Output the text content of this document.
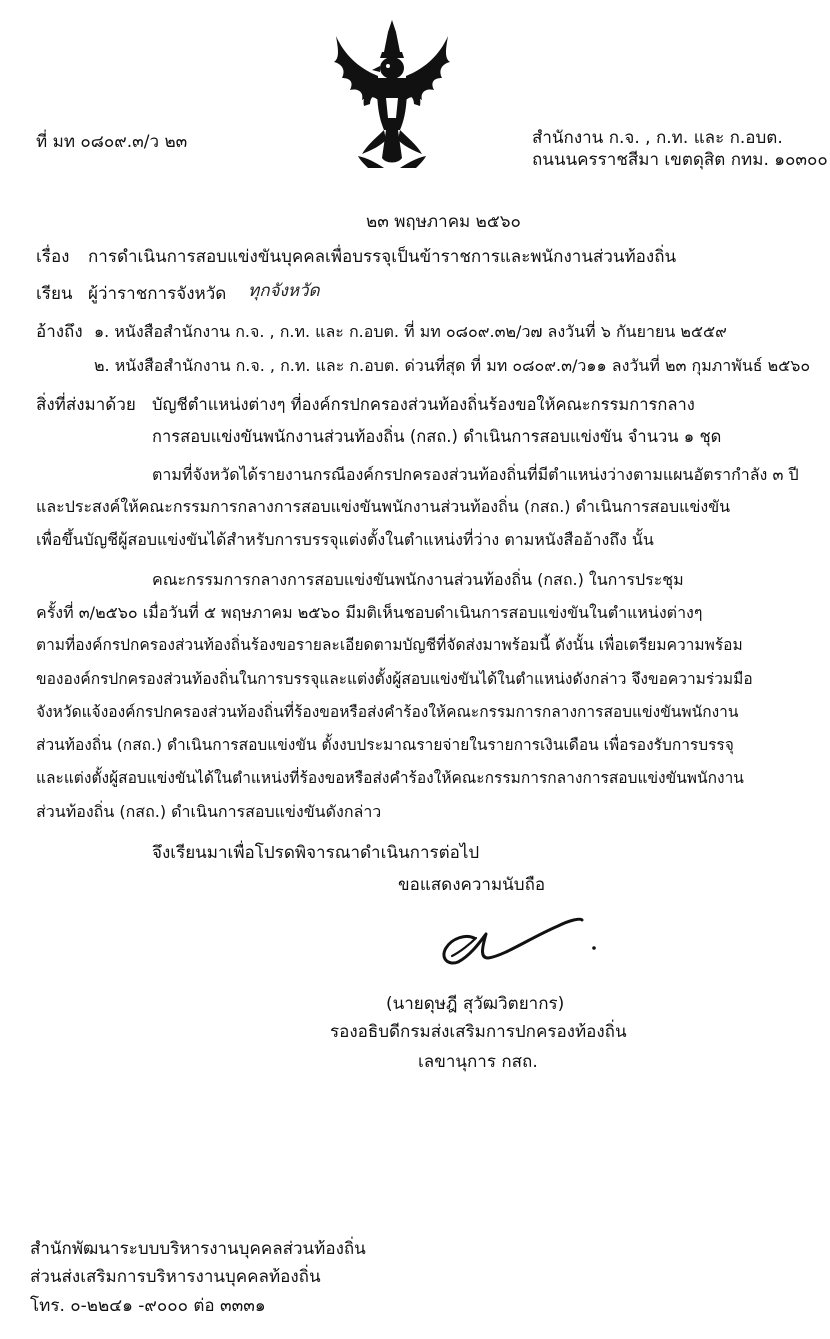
ที่ มท ๐๘๐๙.๓/ว ๒๓	สำนักงาน ก.จ. , ก.ท. และ ก.อบต.
ถนนนครราชสีมา เขตดุสิต กทม. ๑๐๓๐๐
๒๓ พฤษภาคม ๒๕๖๐
เรื่อง การดำเนินการสอบแข่งขันบุคคลเพื่อบรรจุเป็นข้าราชการและพนักงานส่วนท้องถิ่น
เรียน ผู้ว่าราชการจังหวัด ทุกจังหวัด
อ้างถึง ๑. หนังสือสำนักงาน ก.จ. , ก.ท. และ ก.อบต. ที่ มท ๐๘๐๙.๓๒/ว๗ ลงวันที่ ๖ กันยายน ๒๕๕๙
๒. หนังสือสำนักงาน ก.จ. , ก.ท. และ ก.อบต. ด่วนที่สุด ที่ มท ๐๘๐๙.๓/ว๑๑ ลงวันที่ ๒๓ กุมภาพันธ์ ๒๕๖๐
สิ่งที่ส่งมาด้วย บัญชีตำแหน่งต่างๆ ที่องค์กรปกครองส่วนท้องถิ่นร้องขอให้คณะกรรมการกลาง
การสอบแข่งขันพนักงานส่วนท้องถิ่น (กสถ.) ดำเนินการสอบแข่งขัน จำนวน ๑ ชุด
ตามที่จังหวัดได้รายงานกรณีองค์กรปกครองส่วนท้องถิ่นที่มีตำแหน่งว่างตามแผนอัตรากำลัง ๓ ปี
และประสงค์ให้คณะกรรมการกลางการสอบแข่งขันพนักงานส่วนท้องถิ่น (กสถ.) ดำเนินการสอบแข่งขัน
เพื่อขึ้นบัญชีผู้สอบแข่งขันได้สำหรับการบรรจุแต่งตั้งในตำแหน่งที่ว่าง ตามหนังสืออ้างถึง นั้น
คณะกรรมการกลางการสอบแข่งขันพนักงานส่วนท้องถิ่น (กสถ.) ในการประชุม
ครั้งที่ ๓/๒๕๖๐ เมื่อวันที่ ๕ พฤษภาคม ๒๕๖๐ มีมติเห็นชอบดำเนินการสอบแข่งขันในตำแหน่งต่างๆ
ตามที่องค์กรปกครองส่วนท้องถิ่นร้องขอรายละเอียดตามบัญชีที่จัดส่งมาพร้อมนี้ ดังนั้น เพื่อเตรียมความพร้อม
ขององค์กรปกครองส่วนท้องถิ่นในการบรรจุและแต่งตั้งผู้สอบแข่งขันได้ในตำแหน่งดังกล่าว จึงขอความร่วมมือ
จังหวัดแจ้งองค์กรปกครองส่วนท้องถิ่นที่ร้องขอหรือส่งคำร้องให้คณะกรรมการกลางการสอบแข่งขันพนักงาน
ส่วนท้องถิ่น (กสถ.) ดำเนินการสอบแข่งขัน ตั้งงบประมาณรายจ่ายในรายการเงินเดือน เพื่อรองรับการบรรจุ
และแต่งตั้งผู้สอบแข่งขันได้ในตำแหน่งที่ร้องขอหรือส่งคำร้องให้คณะกรรมการกลางการสอบแข่งขันพนักงาน
ส่วนท้องถิ่น (กสถ.) ดำเนินการสอบแข่งขันดังกล่าว
จึงเรียนมาเพื่อโปรดพิจารณาดำเนินการต่อไป
ขอแสดงความนับถือ
(นายดุษฎี สุวัฒวิตยากร)
รองอธิบดีกรมส่งเสริมการปกครองท้องถิ่น
เลขานุการ กสถ.
สำนักพัฒนาระบบบริหารงานบุคคลส่วนท้องถิ่น
ส่วนส่งเสริมการบริหารงานบุคคลท้องถิ่น
โทร. ๐-๒๒๔๑ -๙๐๐๐ ต่อ ๓๓๓๑
